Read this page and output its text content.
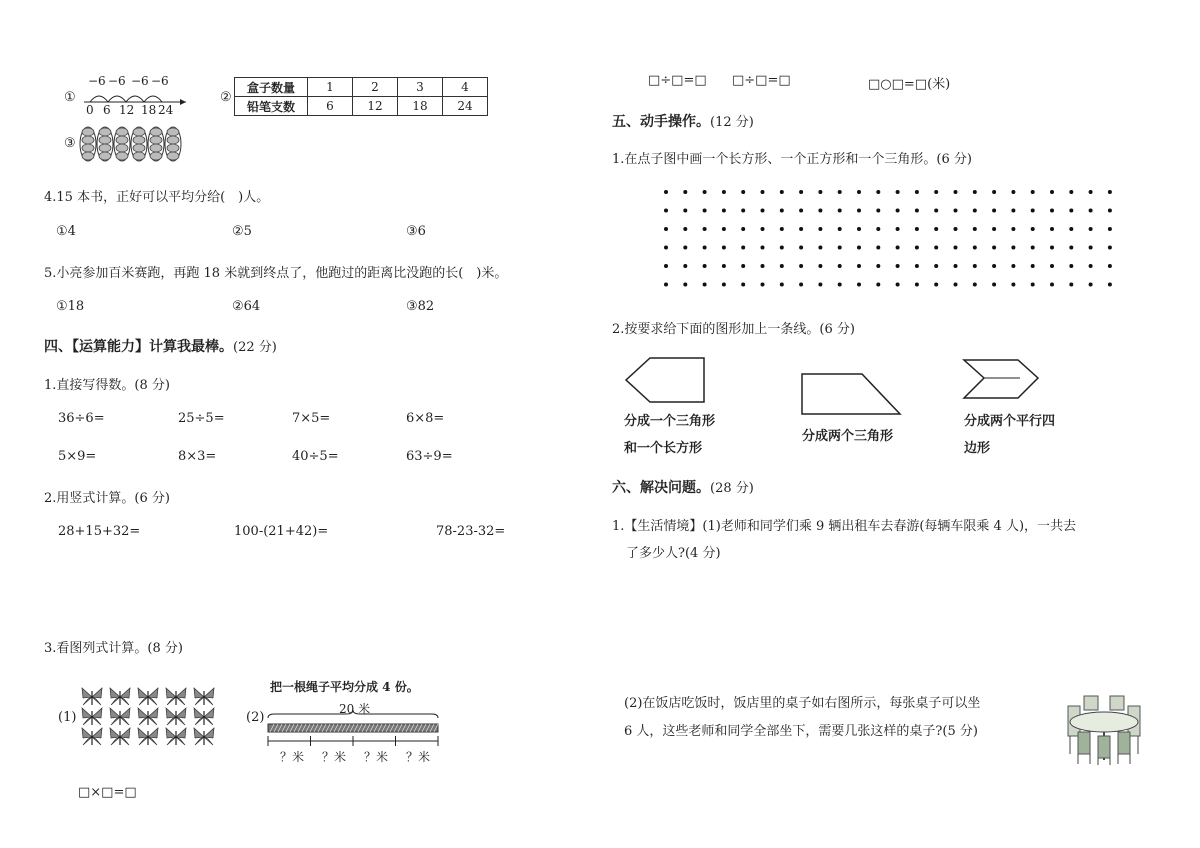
①
0 6 12 18 24
−6 −6 −6 −6
②
盒子数量	1	2	3	4
铅笔支数	6	12	18	24
③
4.15 本书，正好可以平均分给(　)人。
①4	②5	③6
5.小亮参加百米赛跑，再跑 18 米就到终点了，他跑过的距离比没跑的长(　)米。
①18	②64	③82
四、【运算能力】计算我最棒。(22 分)
1.直接写得数。(8 分)
36÷6=	25÷5=	7×5=	6×8=
5×9=	8×3=	40÷5=	63÷9=
2.用竖式计算。(6 分)
28+15+32=	100-(21+42)=	78-23-32=
3.看图列式计算。(8 分)
(1)	(2)
把一根绳子平均分成 4 份。
20 米
？米 ？米 ？米 ？米
□×□=□
□÷□=□ □÷□=□	□○□=□(米)
五、动手操作。(12 分)
1.在点子图中画一个长方形、一个正方形和一个三角形。(6 分)
2.按要求给下面的图形加上一条线。(6 分)
分成一个三角形
和一个长方形
分成两个三角形
分成两个平行四
边形
六、解决问题。(28 分)
1.【生活情境】(1)老师和同学们乘 9 辆出租车去春游(每辆车限乘 4 人)，一共去
了多少人?(4 分)
(2)在饭店吃饭时，饭店里的桌子如右图所示，每张桌子可以坐
6 人，这些老师和同学全部坐下，需要几张这样的桌子?(5 分)
